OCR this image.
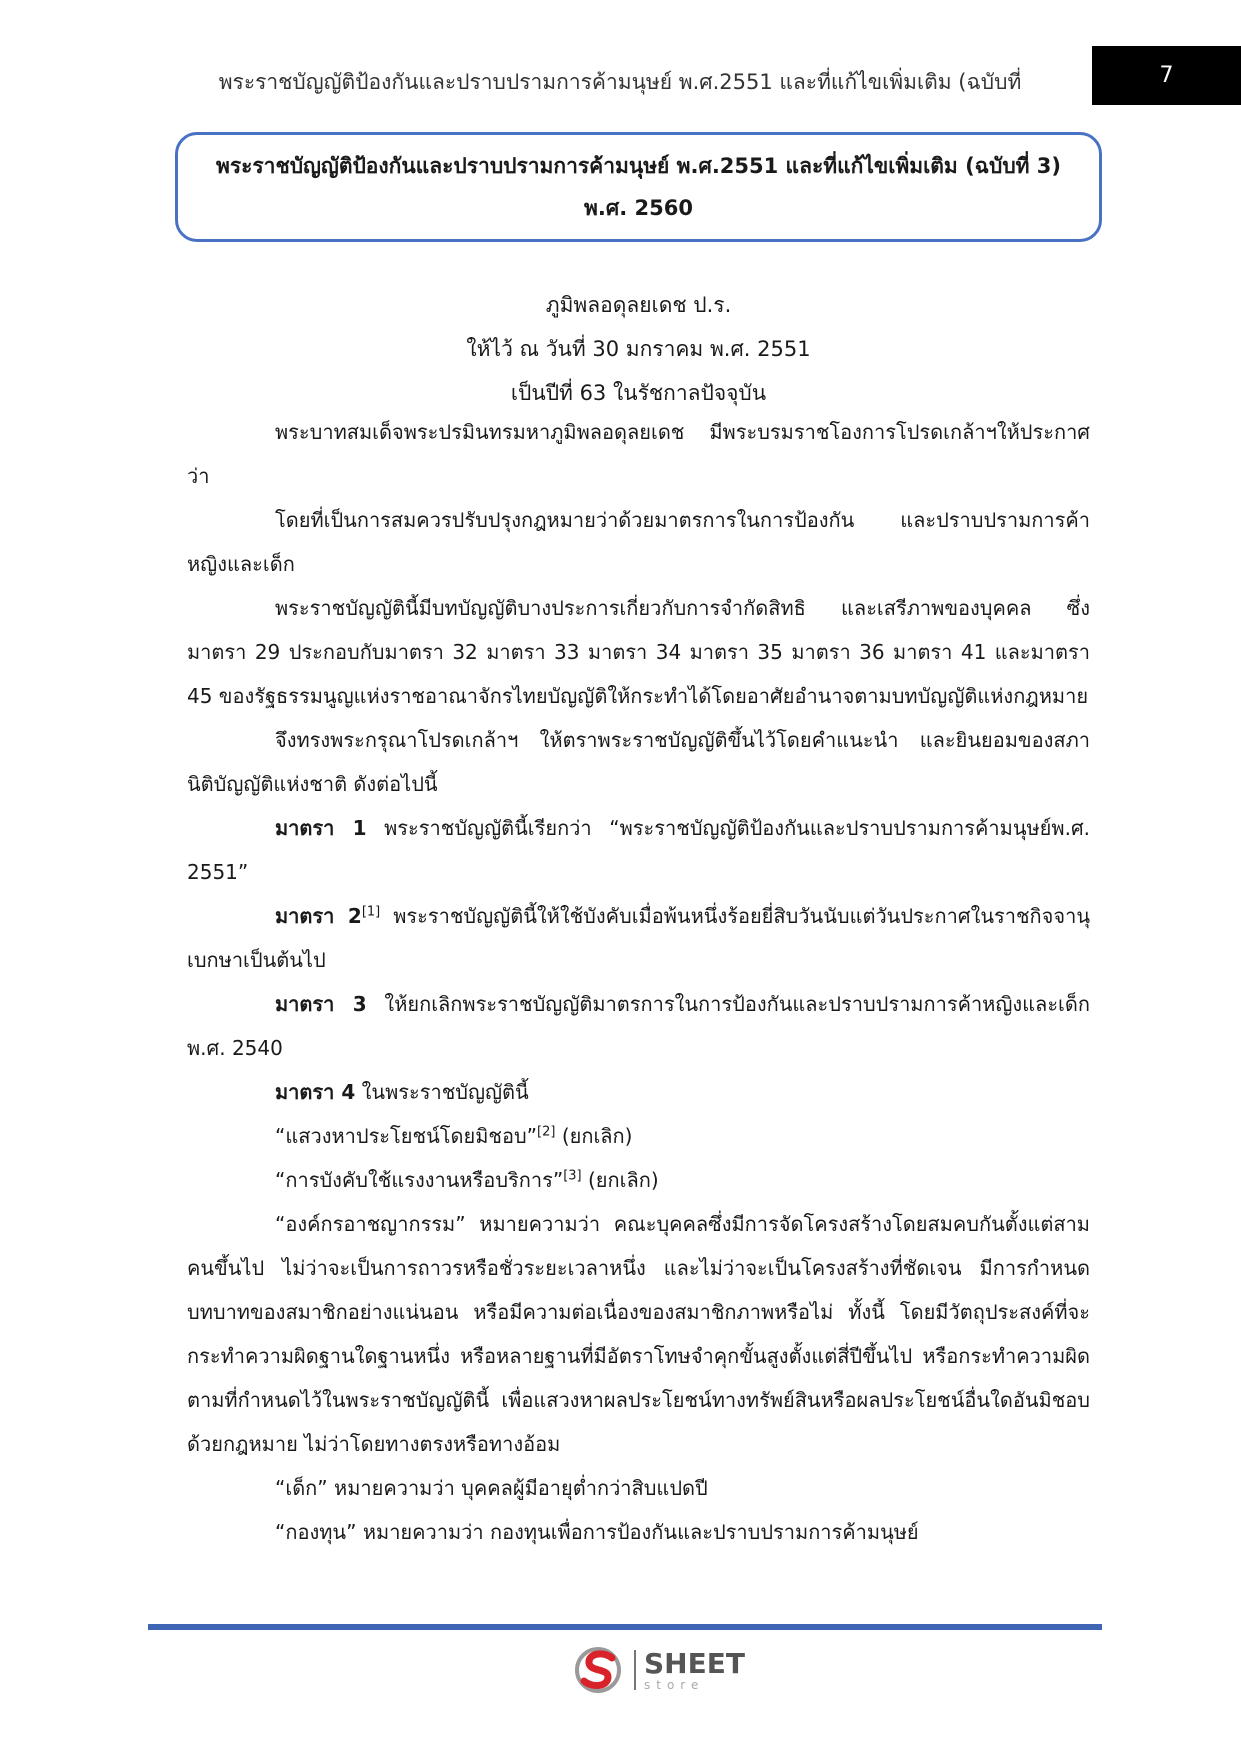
พระราชบัญญัติป้องกันและปราบปรามการค้ามนุษย์ พ.ศ.2551 และที่แก้ไขเพิ่มเติม (ฉบับที่	7
พระราชบัญญัติป้องกันและปราบปรามการค้ามนุษย์ พ.ศ.2551 และที่แก้ไขเพิ่มเติม (ฉบับที่ 3) พ.ศ. 2560
ภูมิพลอดุลยเดช ป.ร.
ให้ไว้ ณ วันที่ 30 มกราคม พ.ศ. 2551
เป็นปีที่ 63 ในรัชกาลปัจจุบัน

พระบาทสมเด็จพระปรมินทรมหาภูมิพลอดุลยเดช มีพระบรมราชโองการโปรดเกล้าฯให้ประกาศว่า

โดยที่เป็นการสมควรปรับปรุงกฎหมายว่าด้วยมาตรการในการป้องกัน และปราบปรามการค้าหญิงและเด็ก

พระราชบัญญัตินี้มีบทบัญญัติบางประการเกี่ยวกับการจำกัดสิทธิ และเสรีภาพของบุคคล ซึ่งมาตรา 29 ประกอบกับมาตรา 32 มาตรา 33 มาตรา 34 มาตรา 35 มาตรา 36 มาตรา 41 และมาตรา 45 ของรัฐธรรมนูญแห่งราชอาณาจักรไทยบัญญัติให้กระทำได้โดยอาศัยอำนาจตามบทบัญญัติแห่งกฎหมาย

จึงทรงพระกรุณาโปรดเกล้าฯ ให้ตราพระราชบัญญัติขึ้นไว้โดยคำแนะนำ และยินยอมของสภานิติบัญญัติแห่งชาติ ดังต่อไปนี้

มาตรา 1 พระราชบัญญัตินี้เรียกว่า “พระราชบัญญัติป้องกันและปราบปรามการค้ามนุษย์พ.ศ. 2551”

มาตรา 2[1] พระราชบัญญัตินี้ให้ใช้บังคับเมื่อพ้นหนึ่งร้อยยี่สิบวันนับแต่วันประกาศในราชกิจจานุเบกษาเป็นต้นไป

มาตรา 3 ให้ยกเลิกพระราชบัญญัติมาตรการในการป้องกันและปราบปรามการค้าหญิงและเด็ก พ.ศ. 2540

มาตรา 4 ในพระราชบัญญัตินี้

“แสวงหาประโยชน์โดยมิชอบ”[2] (ยกเลิก)

“การบังคับใช้แรงงานหรือบริการ”[3] (ยกเลิก)

“องค์กรอาชญากรรม” หมายความว่า คณะบุคคลซึ่งมีการจัดโครงสร้างโดยสมคบกันตั้งแต่สามคนขึ้นไป ไม่ว่าจะเป็นการถาวรหรือชั่วระยะเวลาหนึ่ง และไม่ว่าจะเป็นโครงสร้างที่ชัดเจน มีการกำหนดบทบาทของสมาชิกอย่างแน่นอน หรือมีความต่อเนื่องของสมาชิกภาพหรือไม่ ทั้งนี้ โดยมีวัตถุประสงค์ที่จะกระทำความผิดฐานใดฐานหนึ่ง หรือหลายฐานที่มีอัตราโทษจำคุกขั้นสูงตั้งแต่สี่ปีขึ้นไป หรือกระทำความผิดตามที่กำหนดไว้ในพระราชบัญญัตินี้ เพื่อแสวงหาผลประโยชน์ทางทรัพย์สินหรือผลประโยชน์อื่นใดอันมิชอบด้วยกฎหมาย ไม่ว่าโดยทางตรงหรือทางอ้อม

“เด็ก” หมายความว่า บุคคลผู้มีอายุต่ำกว่าสิบแปดปี

“กองทุน” หมายความว่า กองทุนเพื่อการป้องกันและปราบปรามการค้ามนุษย์

SHEET
store
